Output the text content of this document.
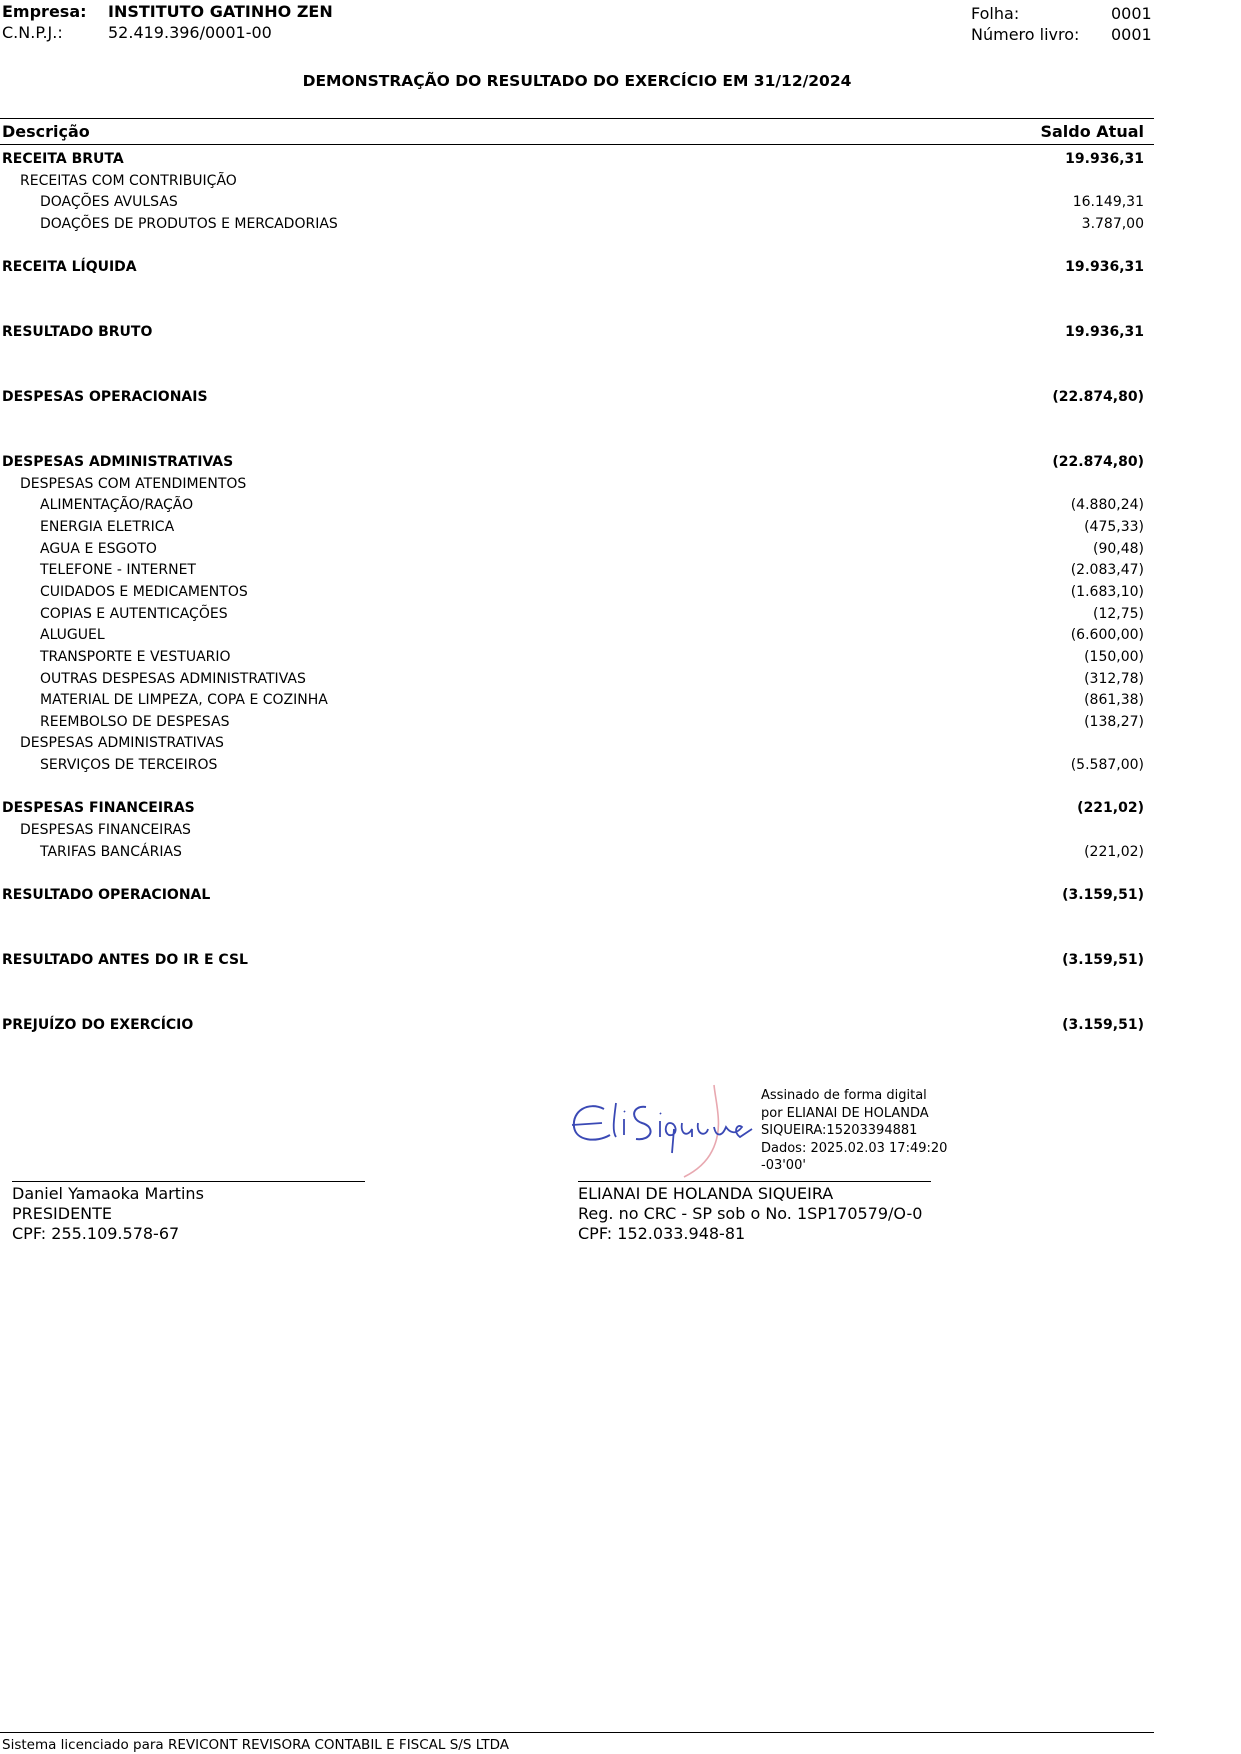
Empresa: INSTITUTO GATINHO ZEN
C.N.P.J.:	52.419.396/0001-00
Folha:	0001
Número livro: 0001
DEMONSTRAÇÃO DO RESULTADO DO EXERCÍCIO EM 31/12/2024
Descrição	Saldo Atual
RECEITA BRUTA	19.936,31
RECEITAS COM CONTRIBUIÇÃO
DOAÇÕES AVULSAS	16.149,31
DOAÇÕES DE PRODUTOS E MERCADORIAS	3.787,00
RECEITA LÍQUIDA	19.936,31
RESULTADO BRUTO	19.936,31
DESPESAS OPERACIONAIS	(22.874,80)
DESPESAS ADMINISTRATIVAS	(22.874,80)
DESPESAS COM ATENDIMENTOS
ALIMENTAÇÃO/RAÇÃO	(4.880,24)
ENERGIA ELETRICA	(475,33)
AGUA E ESGOTO	(90,48)
TELEFONE - INTERNET	(2.083,47)
CUIDADOS E MEDICAMENTOS	(1.683,10)
COPIAS E AUTENTICAÇÕES	(12,75)
ALUGUEL	(6.600,00)
TRANSPORTE E VESTUARIO	(150,00)
OUTRAS DESPESAS ADMINISTRATIVAS	(312,78)
MATERIAL DE LIMPEZA, COPA E COZINHA	(861,38)
REEMBOLSO DE DESPESAS	(138,27)
DESPESAS ADMINISTRATIVAS
SERVIÇOS DE TERCEIROS	(5.587,00)
DESPESAS FINANCEIRAS	(221,02)
DESPESAS FINANCEIRAS
TARIFAS BANCÁRIAS	(221,02)
RESULTADO OPERACIONAL	(3.159,51)
RESULTADO ANTES DO IR E CSL	(3.159,51)
PREJUÍZO DO EXERCÍCIO	(3.159,51)
Assinado de forma digital
por ELIANAI DE HOLANDA
SIQUEIRA:15203394881
Dados: 2025.02.03 17:49:20
-03'00'
Daniel Yamaoka Martins
PRESIDENTE
CPF: 255.109.578-67
ELIANAI DE HOLANDA SIQUEIRA
Reg. no CRC - SP sob o No. 1SP170579/O-0
CPF: 152.033.948-81
Sistema licenciado para REVICONT REVISORA CONTABIL E FISCAL S/S LTDA
